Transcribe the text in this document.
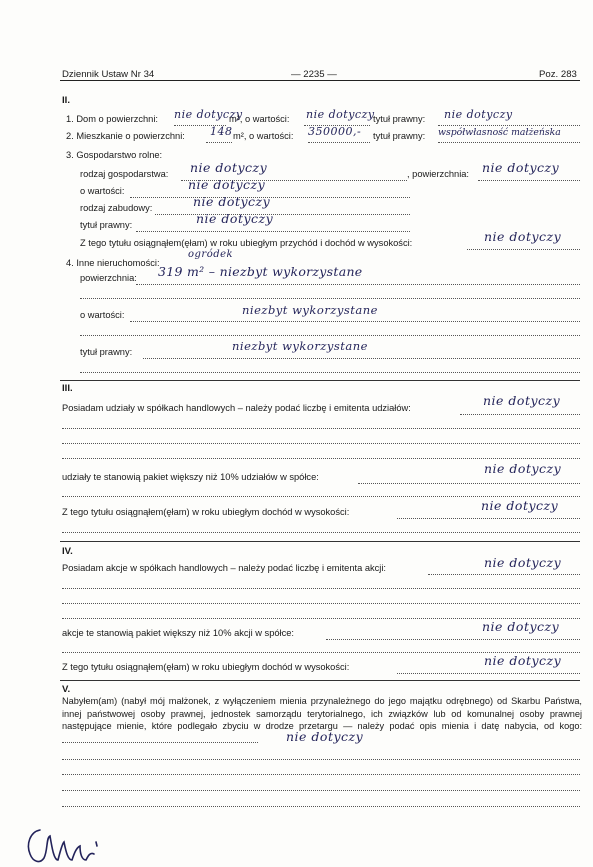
Dziennik Ustaw Nr 34	— 2235 —	Poz. 283
II.
1. Dom o powierzchni: nie dotyczy
m², o wartości: nie dotyczy
tytuł prawny: nie dotyczy
2. Mieszkanie o powierzchni: 148 m², o wartości: 350000,- tytuł prawny: współwłasność małżeńska
3. Gospodarstwo rolne:
rodzaj gospodarstwa: nie dotyczy	, powierzchnia: nie dotyczy
o wartości:	nie dotyczy
rodzaj zabudowy:	nie dotyczy
tytuł prawny:	nie dotyczy
Z tego tytułu osiągnąłem(ęłam) w roku ubiegłym przychód i dochód w wysokości:	nie dotyczy
4. Inne nieruchomości:
ogródek
powierzchnia: 319 m² – niezbyt wykorzystane
o wartości:	niezbyt wykorzystane
tytuł prawny:	niezbyt wykorzystane
III.
Posiadam udziały w spółkach handlowych – należy podać liczbę i emitenta udziałów:	nie dotyczy
udziały te stanowią pakiet większy niż 10% udziałów w spółce:
nie dotyczy
Z tego tytułu osiągnąłem(ęłam) w roku ubiegłym dochód w wysokości:	nie dotyczy
IV.
Posiadam akcje w spółkach handlowych – należy podać liczbę i emitenta akcji:	nie dotyczy
akcje te stanowią pakiet większy niż 10% akcji w spółce:	nie dotyczy
Z tego tytułu osiągnąłem(ęłam) w roku ubiegłym dochód w wysokości:	nie dotyczy
V.
Nabyłem(am) (nabył mój małżonek, z wyłączeniem mienia przynależnego do jego majątku odrębnego) od Skarbu Państwa, innej państwowej osoby prawnej, jednostek samorządu terytorialnego, ich związków lub od komunalnej osoby prawnej następujące mienie, które podlegało zbyciu w drodze przetargu — należy podać opis mienia i datę nabycia, od kogo:
nie dotyczy
